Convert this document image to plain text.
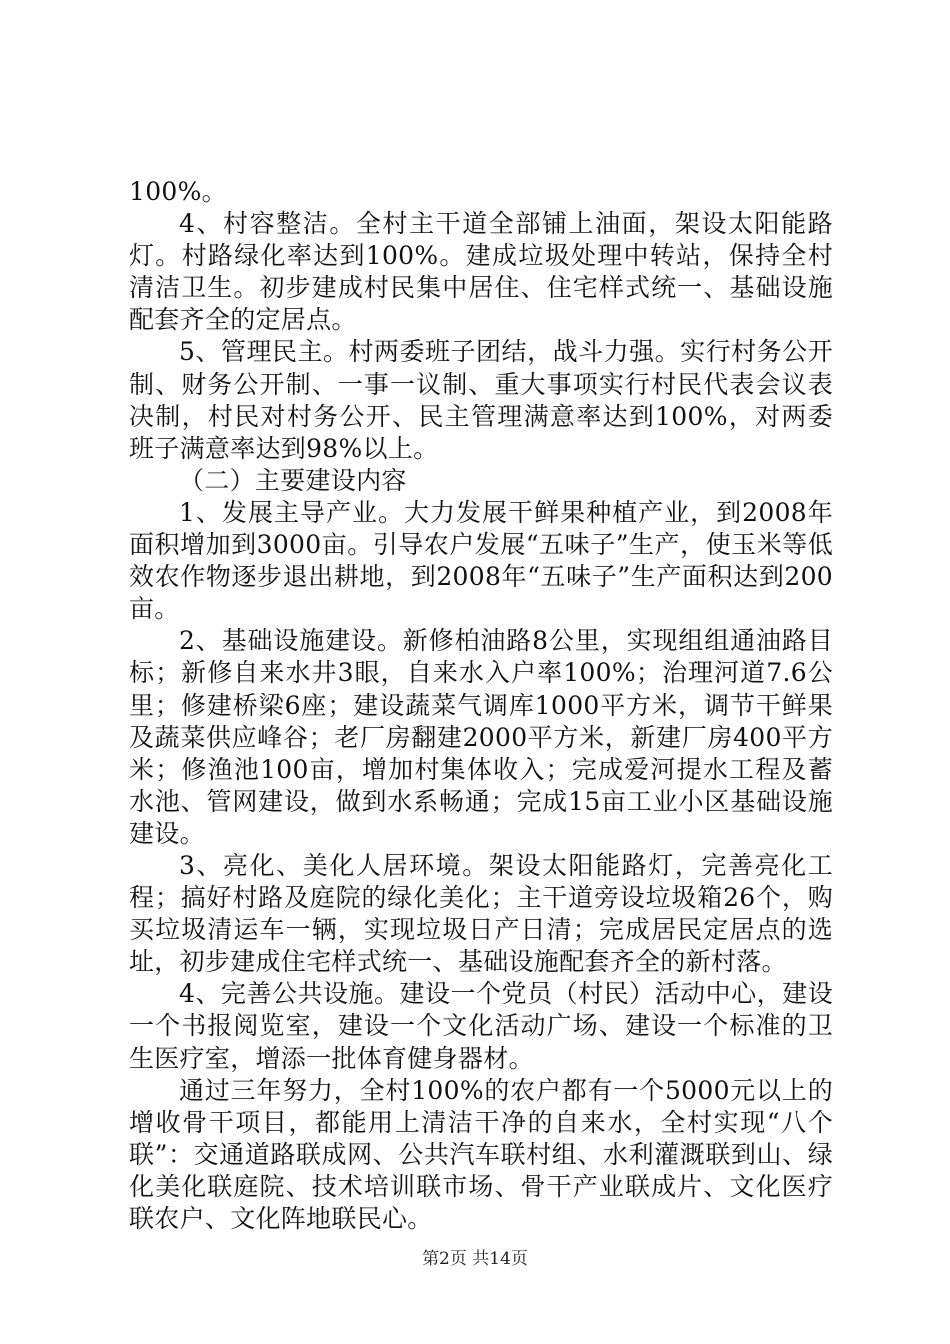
100%。

4、村容整洁。全村主干道全部铺上油面，架设太阳能路灯。村路绿化率达到100%。建成垃圾处理中转站，保持全村清洁卫生。初步建成村民集中居住、住宅样式统一、基础设施配套齐全的定居点。

5、管理民主。村两委班子团结，战斗力强。实行村务公开制、财务公开制、一事一议制、重大事项实行村民代表会议表决制，村民对村务公开、民主管理满意率达到100%，对两委班子满意率达到98%以上。

（二）主要建设内容

1、发展主导产业。大力发展干鲜果种植产业，到2008年面积增加到3000亩。引导农户发展“五味子”生产，使玉米等低效农作物逐步退出耕地，到2008年“五味子”生产面积达到200亩。

2、基础设施建设。新修柏油路8公里，实现组组通油路目标；新修自来水井3眼，自来水入户率100%；治理河道7.6公里；修建桥梁6座；建设蔬菜气调库1000平方米，调节干鲜果及蔬菜供应峰谷；老厂房翻建2000平方米，新建厂房400平方米；修渔池100亩，增加村集体收入；完成爱河提水工程及蓄水池、管网建设，做到水系畅通；完成15亩工业小区基础设施建设。

3、亮化、美化人居环境。架设太阳能路灯，完善亮化工程；搞好村路及庭院的绿化美化；主干道旁设垃圾箱26个，购买垃圾清运车一辆，实现垃圾日产日清；完成居民定居点的选址，初步建成住宅样式统一、基础设施配套齐全的新村落。

4、完善公共设施。建设一个党员（村民）活动中心，建设一个书报阅览室，建设一个文化活动广场、建设一个标准的卫生医疗室，增添一批体育健身器材。

通过三年努力，全村100%的农户都有一个5000元以上的增收骨干项目，都能用上清洁干净的自来水，全村实现“八个联”：交通道路联成网、公共汽车联村组、水利灌溉联到山、绿化美化联庭院、技术培训联市场、骨干产业联成片、文化医疗联农户、文化阵地联民心。

第2页 共14页
